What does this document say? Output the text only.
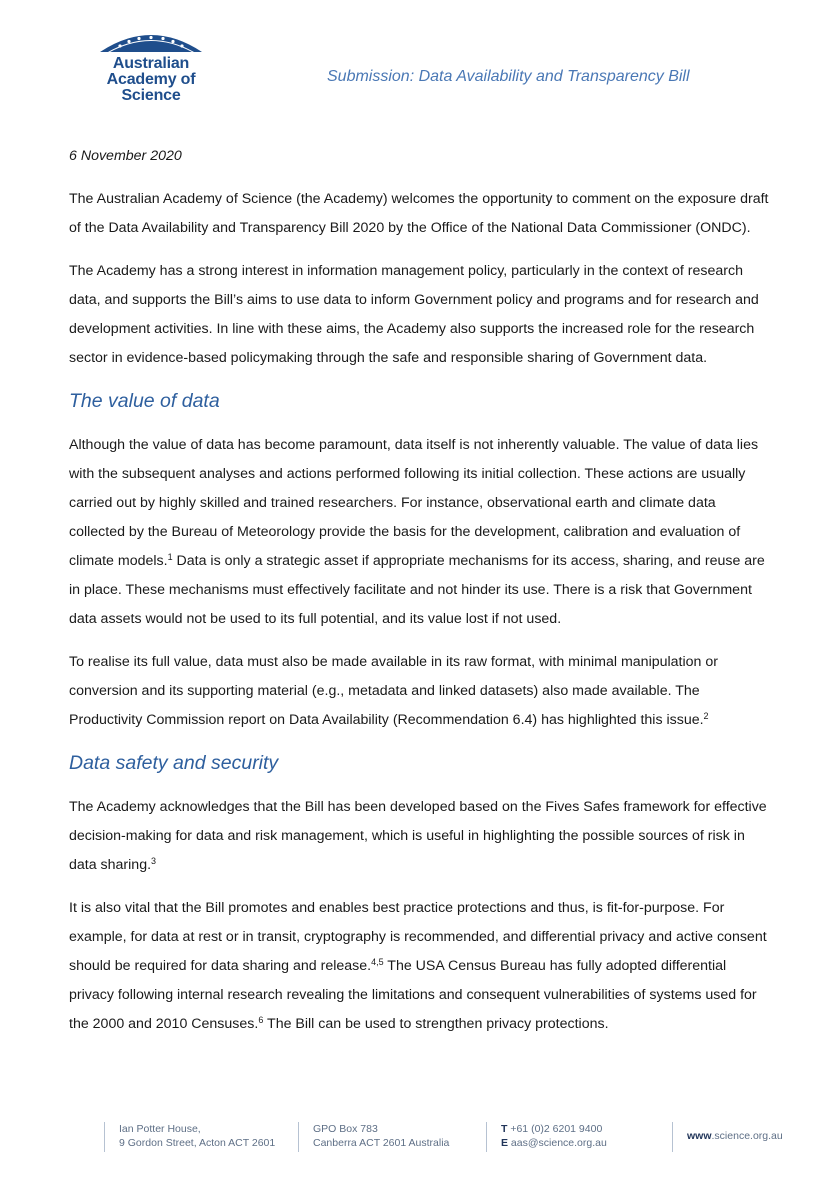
Australian
Academy of
Science
Submission: Data Availability and Transparency Bill

6 November 2020

The Australian Academy of Science (the Academy) welcomes the opportunity to comment on the exposure draft of the Data Availability and Transparency Bill 2020 by the Office of the National Data Commissioner (ONDC).

The Academy has a strong interest in information management policy, particularly in the context of research data, and supports the Bill’s aims to use data to inform Government policy and programs and for research and development activities. In line with these aims, the Academy also supports the increased role for the research sector in evidence-based policymaking through the safe and responsible sharing of Government data.

The value of data

Although the value of data has become paramount, data itself is not inherently valuable. The value of data lies with the subsequent analyses and actions performed following its initial collection. These actions are usually carried out by highly skilled and trained researchers. For instance, observational earth and climate data collected by the Bureau of Meteorology provide the basis for the development, calibration and evaluation of climate models.$^1$ Data is only a strategic asset if appropriate mechanisms for its access, sharing, and reuse are in place. These mechanisms must effectively facilitate and not hinder its use. There is a risk that Government data assets would not be used to its full potential, and its value lost if not used.

To realise its full value, data must also be made available in its raw format, with minimal manipulation or conversion and its supporting material (e.g., metadata and linked datasets) also made available. The Productivity Commission report on Data Availability (Recommendation 6.4) has highlighted this issue.$^2$

Data safety and security

The Academy acknowledges that the Bill has been developed based on the Fives Safes framework for effective decision-making for data and risk management, which is useful in highlighting the possible sources of risk in data sharing.$^3$

It is also vital that the Bill promotes and enables best practice protections and thus, is fit-for-purpose. For example, for data at rest or in transit, cryptography is recommended, and differential privacy and active consent should be required for data sharing and release.$^{4,5}$ The USA Census Bureau has fully adopted differential privacy following internal research revealing the limitations and consequent vulnerabilities of systems used for the 2000 and 2010 Censuses.$^6$ The Bill can be used to strengthen privacy protections.

Ian Potter House,
9 Gordon Street, Acton ACT 2601
GPO Box 783
Canberra ACT 2601 Australia
T +61 (0)2 6201 9400
E aas@science.org.au
www.science.org.au
